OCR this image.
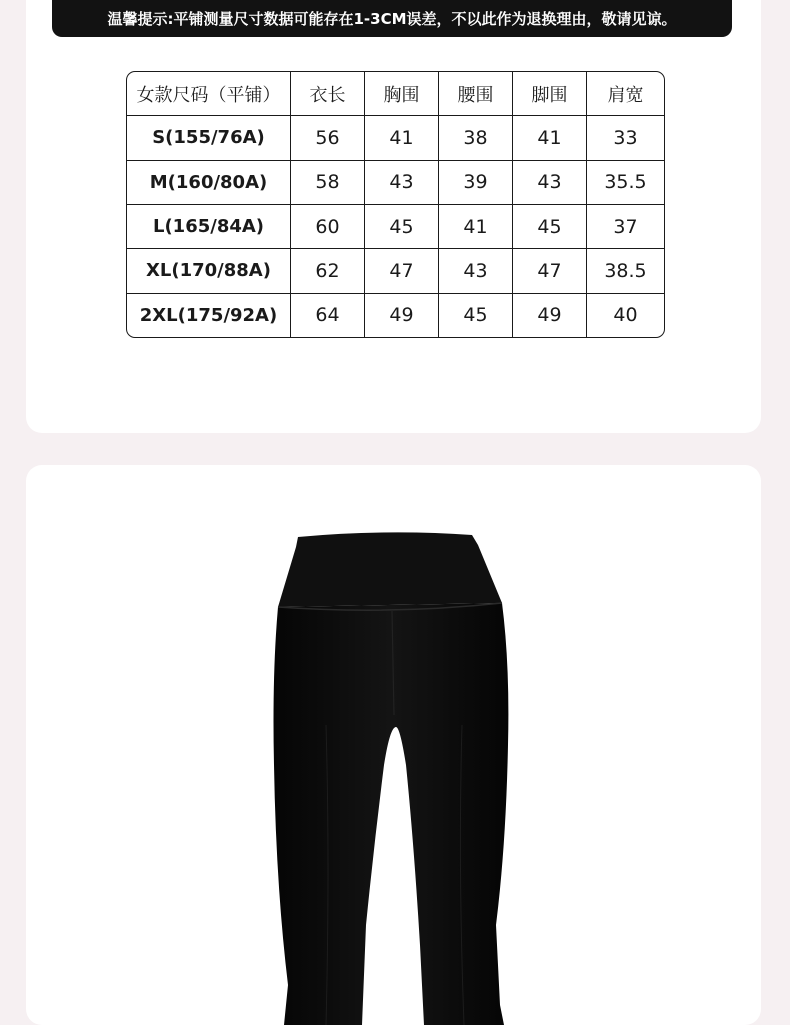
温馨提示:平铺测量尺寸数据可能存在1-3CM误差，不以此作为退换理由，敬请见谅。
女款尺码（平铺）	衣长	胸围	腰围	脚围	肩宽
S(155/76A)	56	41	38	41	33
M(160/80A)	58	43	39	43	35.5
L(165/84A)	60	45	41	45	37
XL(170/88A)	62	47	43	47	38.5
2XL(175/92A)	64	49	45	49	40
